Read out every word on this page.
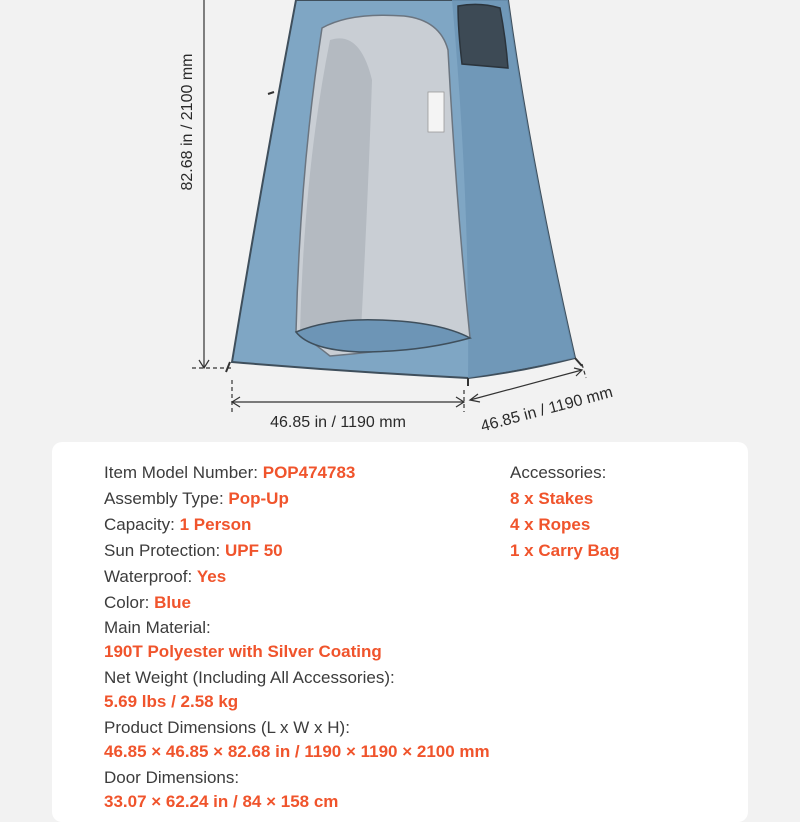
82.68 in / 2100 mm
46.85 in / 1190 mm	46.85 in / 1190 mm
Item Model Number: POP474783
Assembly Type: Pop-Up
Capacity: 1 Person
Sun Protection: UPF 50
Waterproof: Yes
Color: Blue
Main Material:
190T Polyester with Silver Coating
Net Weight (Including All Accessories):
5.69 lbs / 2.58 kg
Product Dimensions (L x W x H):
46.85 × 46.85 × 82.68 in / 1190 × 1190 × 2100 mm
Door Dimensions:
33.07 × 62.24 in / 84 × 158 cm
Accessories:
8 x Stakes
4 x Ropes
1 x Carry Bag
